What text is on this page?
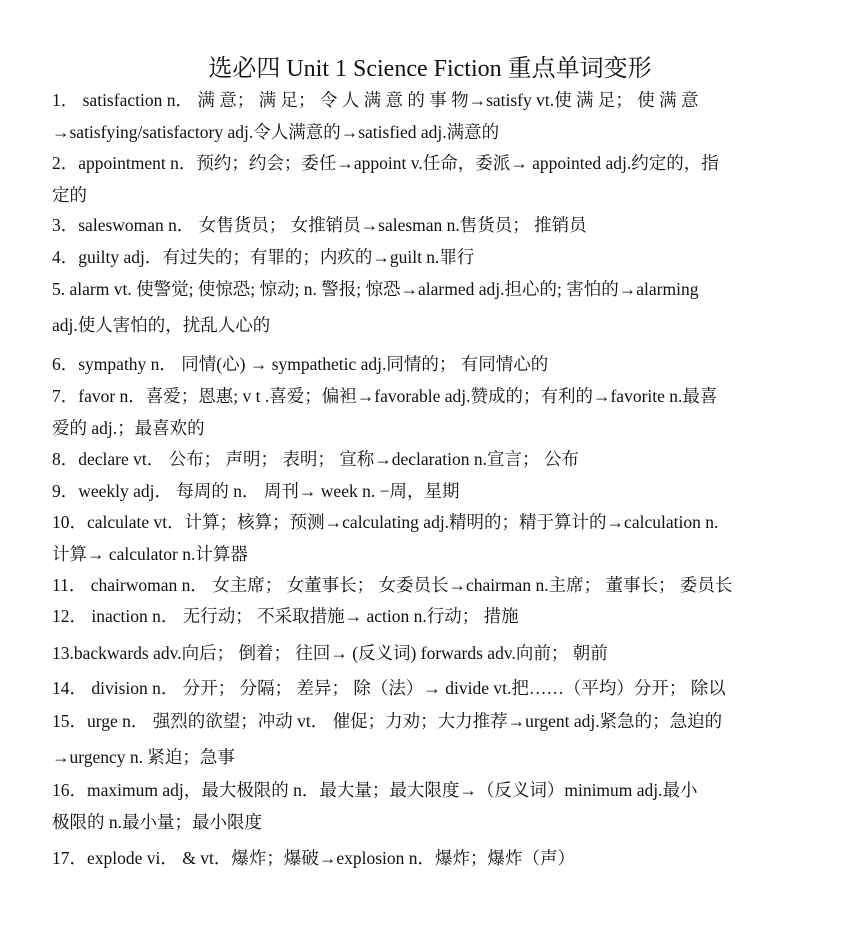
选必四 Unit 1 Science Fiction 重点单词变形
1． satisfaction n． 满 意； 满 足； 令 人 满 意 的 事 物→satisfy vt.使 满 足； 使 满 意
→satisfying/satisfactory adj.令人满意的→satisfied adj.满意的
2．appointment n．预约；约会；委任→appoint v.任命，委派→ appointed adj.约定的，指
定的
3．saleswoman n． 女售货员； 女推销员→salesman n.售货员； 推销员
4．guilty adj．有过失的；有罪的；内疚的→guilt n.罪行
5. alarm vt. 使警觉; 使惊恐; 惊动; n. 警报; 惊恐→alarmed adj.担心的; 害怕的→alarming
adj.使人害怕的，扰乱人心的
6．sympathy n． 同情(心) → sympathetic adj.同情的； 有同情心的
7．favor n．喜爱；恩惠; v t .喜爱；偏袒→favorable adj.赞成的；有利的→favorite n.最喜
爱的 adj.；最喜欢的
8．declare vt． 公布； 声明； 表明； 宣称→declaration n.宣言； 公布
9．weekly adj． 每周的 n． 周刊→ week n. −周，星期
10．calculate vt．计算；核算；预测→calculating adj.精明的；精于算计的→calculation n.
计算→ calculator n.计算器
11． chairwoman n． 女主席； 女董事长； 女委员长→chairman n.主席； 董事长； 委员长
12． inaction n． 无行动； 不采取措施→ action n.行动； 措施
13.backwards adv.向后； 倒着； 往回→ (反义词) forwards adv.向前； 朝前
14． division n． 分开； 分隔； 差异； 除（法）→ divide vt.把……（平均）分开； 除以
15．urge n． 强烈的欲望；冲动 vt． 催促；力劝；大力推荐→urgent adj.紧急的；急迫的
→urgency n. 紧迫；急事
16．maximum adj，最大极限的 n．最大量；最大限度→（反义词）minimum adj.最小
极限的 n.最小量；最小限度
17．explode vi． & vt．爆炸；爆破→explosion n．爆炸；爆炸（声）
